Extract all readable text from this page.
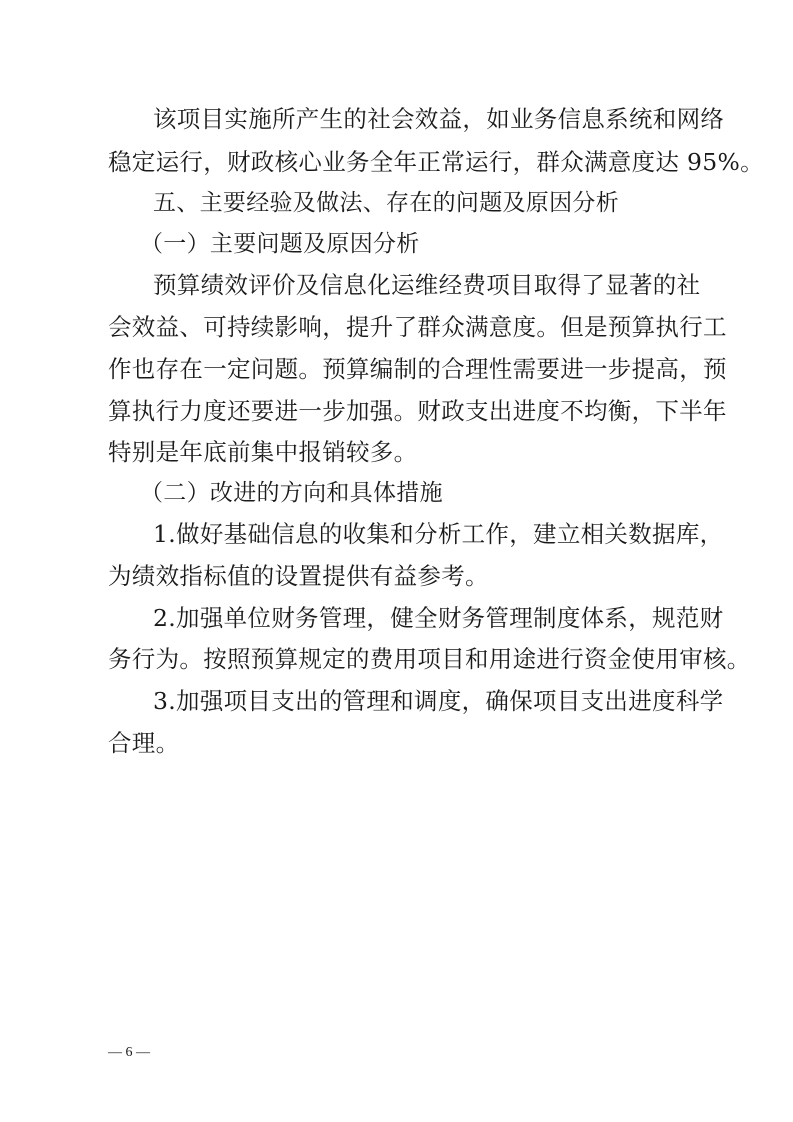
该项目实施所产生的社会效益，如业务信息系统和网络
稳定运行，财政核心业务全年正常运行，群众满意度达 95%。
五、主要经验及做法、存在的问题及原因分析
（一）主要问题及原因分析
预算绩效评价及信息化运维经费项目取得了显著的社
会效益、可持续影响，提升了群众满意度。但是预算执行工
作也存在一定问题。预算编制的合理性需要进一步提高，预
算执行力度还要进一步加强。财政支出进度不均衡，下半年
特别是年底前集中报销较多。
（二）改进的方向和具体措施
1.做好基础信息的收集和分析工作，建立相关数据库，
为绩效指标值的设置提供有益参考。
2.加强单位财务管理，健全财务管理制度体系，规范财
务行为。按照预算规定的费用项目和用途进行资金使用审核。
3.加强项目支出的管理和调度，确保项目支出进度科学
合理。
— 6 —
